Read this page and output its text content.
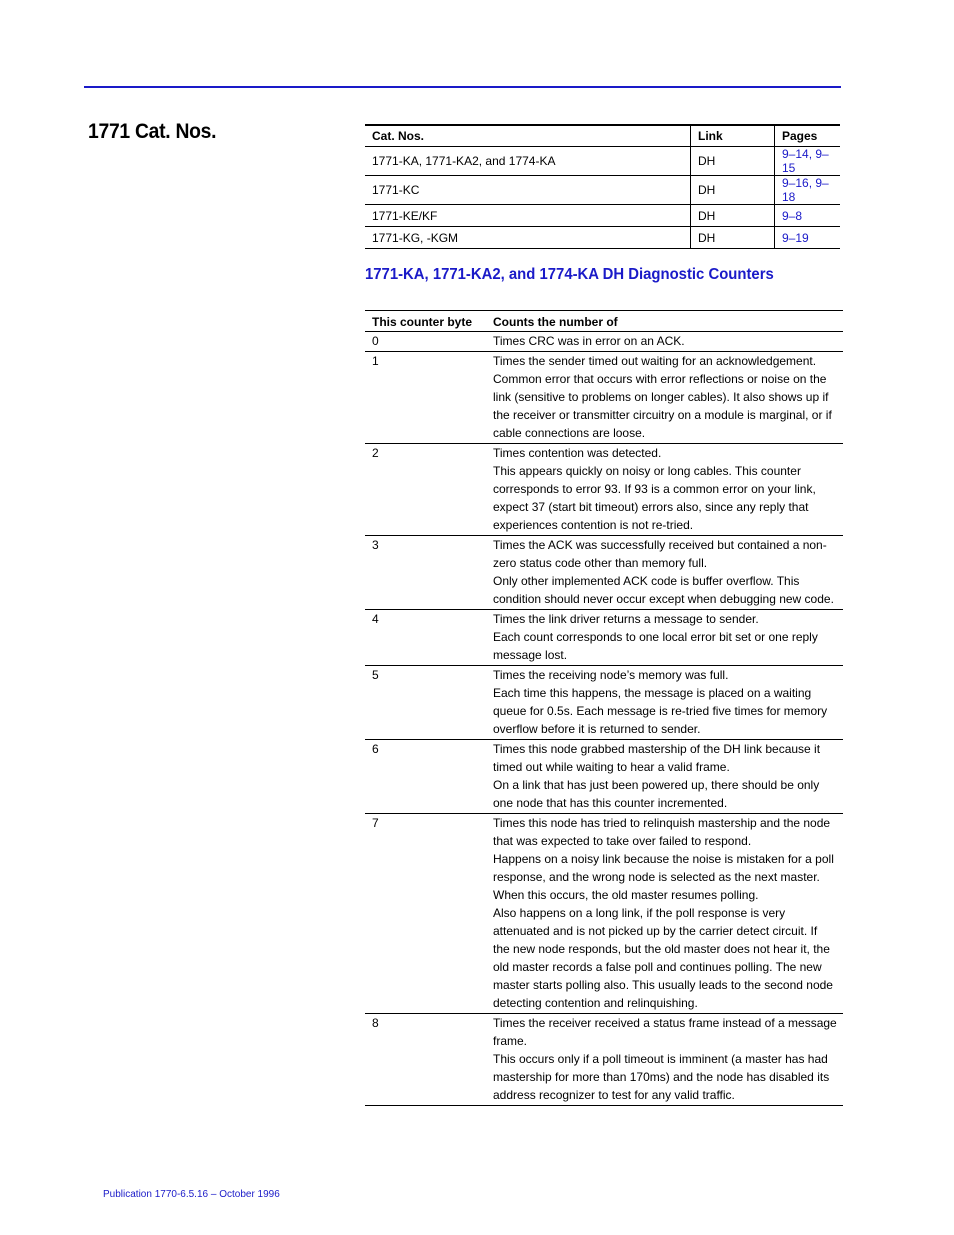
1771 Cat. Nos.	Cat. Nos.	Link	Pages
1771-KA, 1771-KA2, and 1774-KA	DH	9–14, 9–15
1771-KC	DH	9–16, 9–18
1771-KE/KF	DH	9–8
1771-KG, -KGM	DH	9–19
1771-KA, 1771-KA2, and 1774-KA DH Diagnostic Counters
This counter byte	Counts the number of
0	Times CRC was in error on an ACK.

1	Times the sender timed out waiting for an acknowledgement.

Common error that occurs with error reflections or noise on the link (sensitive to problems on longer cables). It also shows up if the receiver or transmitter circuitry on a module is marginal, or if cable connections are loose.

2	Times contention was detected.

This appears quickly on noisy or long cables. This counter corresponds to error 93. If 93 is a common error on your link, expect 37 (start bit timeout) errors also, since any reply that experiences contention is not re-tried.

3	Times the ACK was successfully received but contained a non-zero status code other than memory full.

Only other implemented ACK code is buffer overflow. This condition should never occur except when debugging new code.

4	Times the link driver returns a message to sender.

Each count corresponds to one local error bit set or one reply message lost.

5	Times the receiving node’s memory was full.

Each time this happens, the message is placed on a waiting queue for 0.5s. Each message is re-tried five times for memory overflow before it is returned to sender.

6	Times this node grabbed mastership of the DH link because it timed out while waiting to hear a valid frame.

On a link that has just been powered up, there should be only one node that has this counter incremented.

7	Times this node has tried to relinquish mastership and the node that was expected to take over failed to respond.

Happens on a noisy link because the noise is mistaken for a poll response, and the wrong node is selected as the next master. When this occurs, the old master resumes polling.

Also happens on a long link, if the poll response is very attenuated and is not picked up by the carrier detect circuit. If the new node responds, but the old master does not hear it, the old master records a false poll and continues polling. The new master starts polling also. This usually leads to the second node detecting contention and relinquishing.

8	Times the receiver received a status frame instead of a message frame.

This occurs only if a poll timeout is imminent (a master has had mastership for more than 170ms) and the node has disabled its address recognizer to test for any valid traffic.

Publication 1770-6.5.16 – October 1996
